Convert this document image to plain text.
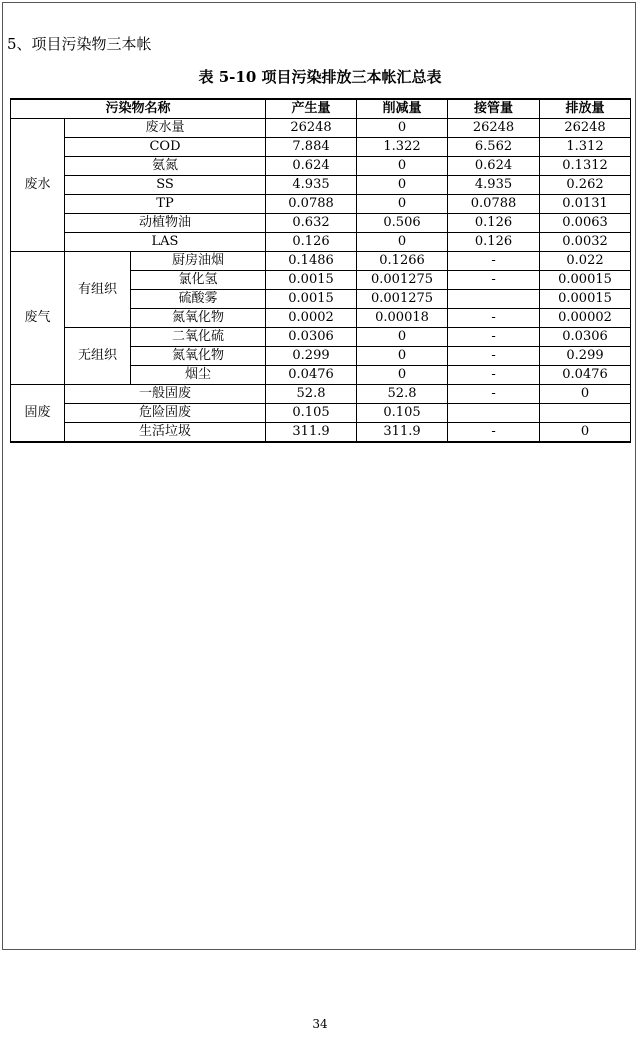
5、项目污染物三本帐
表 5-10 项目污染排放三本帐汇总表
污染物名称			产生量	削减量	接管量	排放量
废水	废水量		26248	0	26248	26248
	COD		7.884	1.322	6.562	1.312
	氨氮		0.624	0	0.624	0.1312
	SS		4.935	0	4.935	0.262
	TP		0.0788	0	0.0788	0.0131
	动植物油		0.632	0.506	0.126	0.0063
	LAS		0.126	0	0.126	0.0032
废气	有组织	厨房油烟	0.1486	0.1266	-	0.022
		氯化氢	0.0015	0.001275	-	0.00015
		硫酸雾	0.0015	0.001275		0.00015
		氮氧化物	0.0002	0.00018	-	0.00002
	无组织	二氧化硫	0.0306	0	-	0.0306
		氮氧化物	0.299	0	-	0.299
		烟尘	0.0476	0	-	0.0476
固废	一般固废		52.8	52.8	-	0
	危险固废		0.105	0.105		
	生活垃圾		311.9	311.9	-	0
34
